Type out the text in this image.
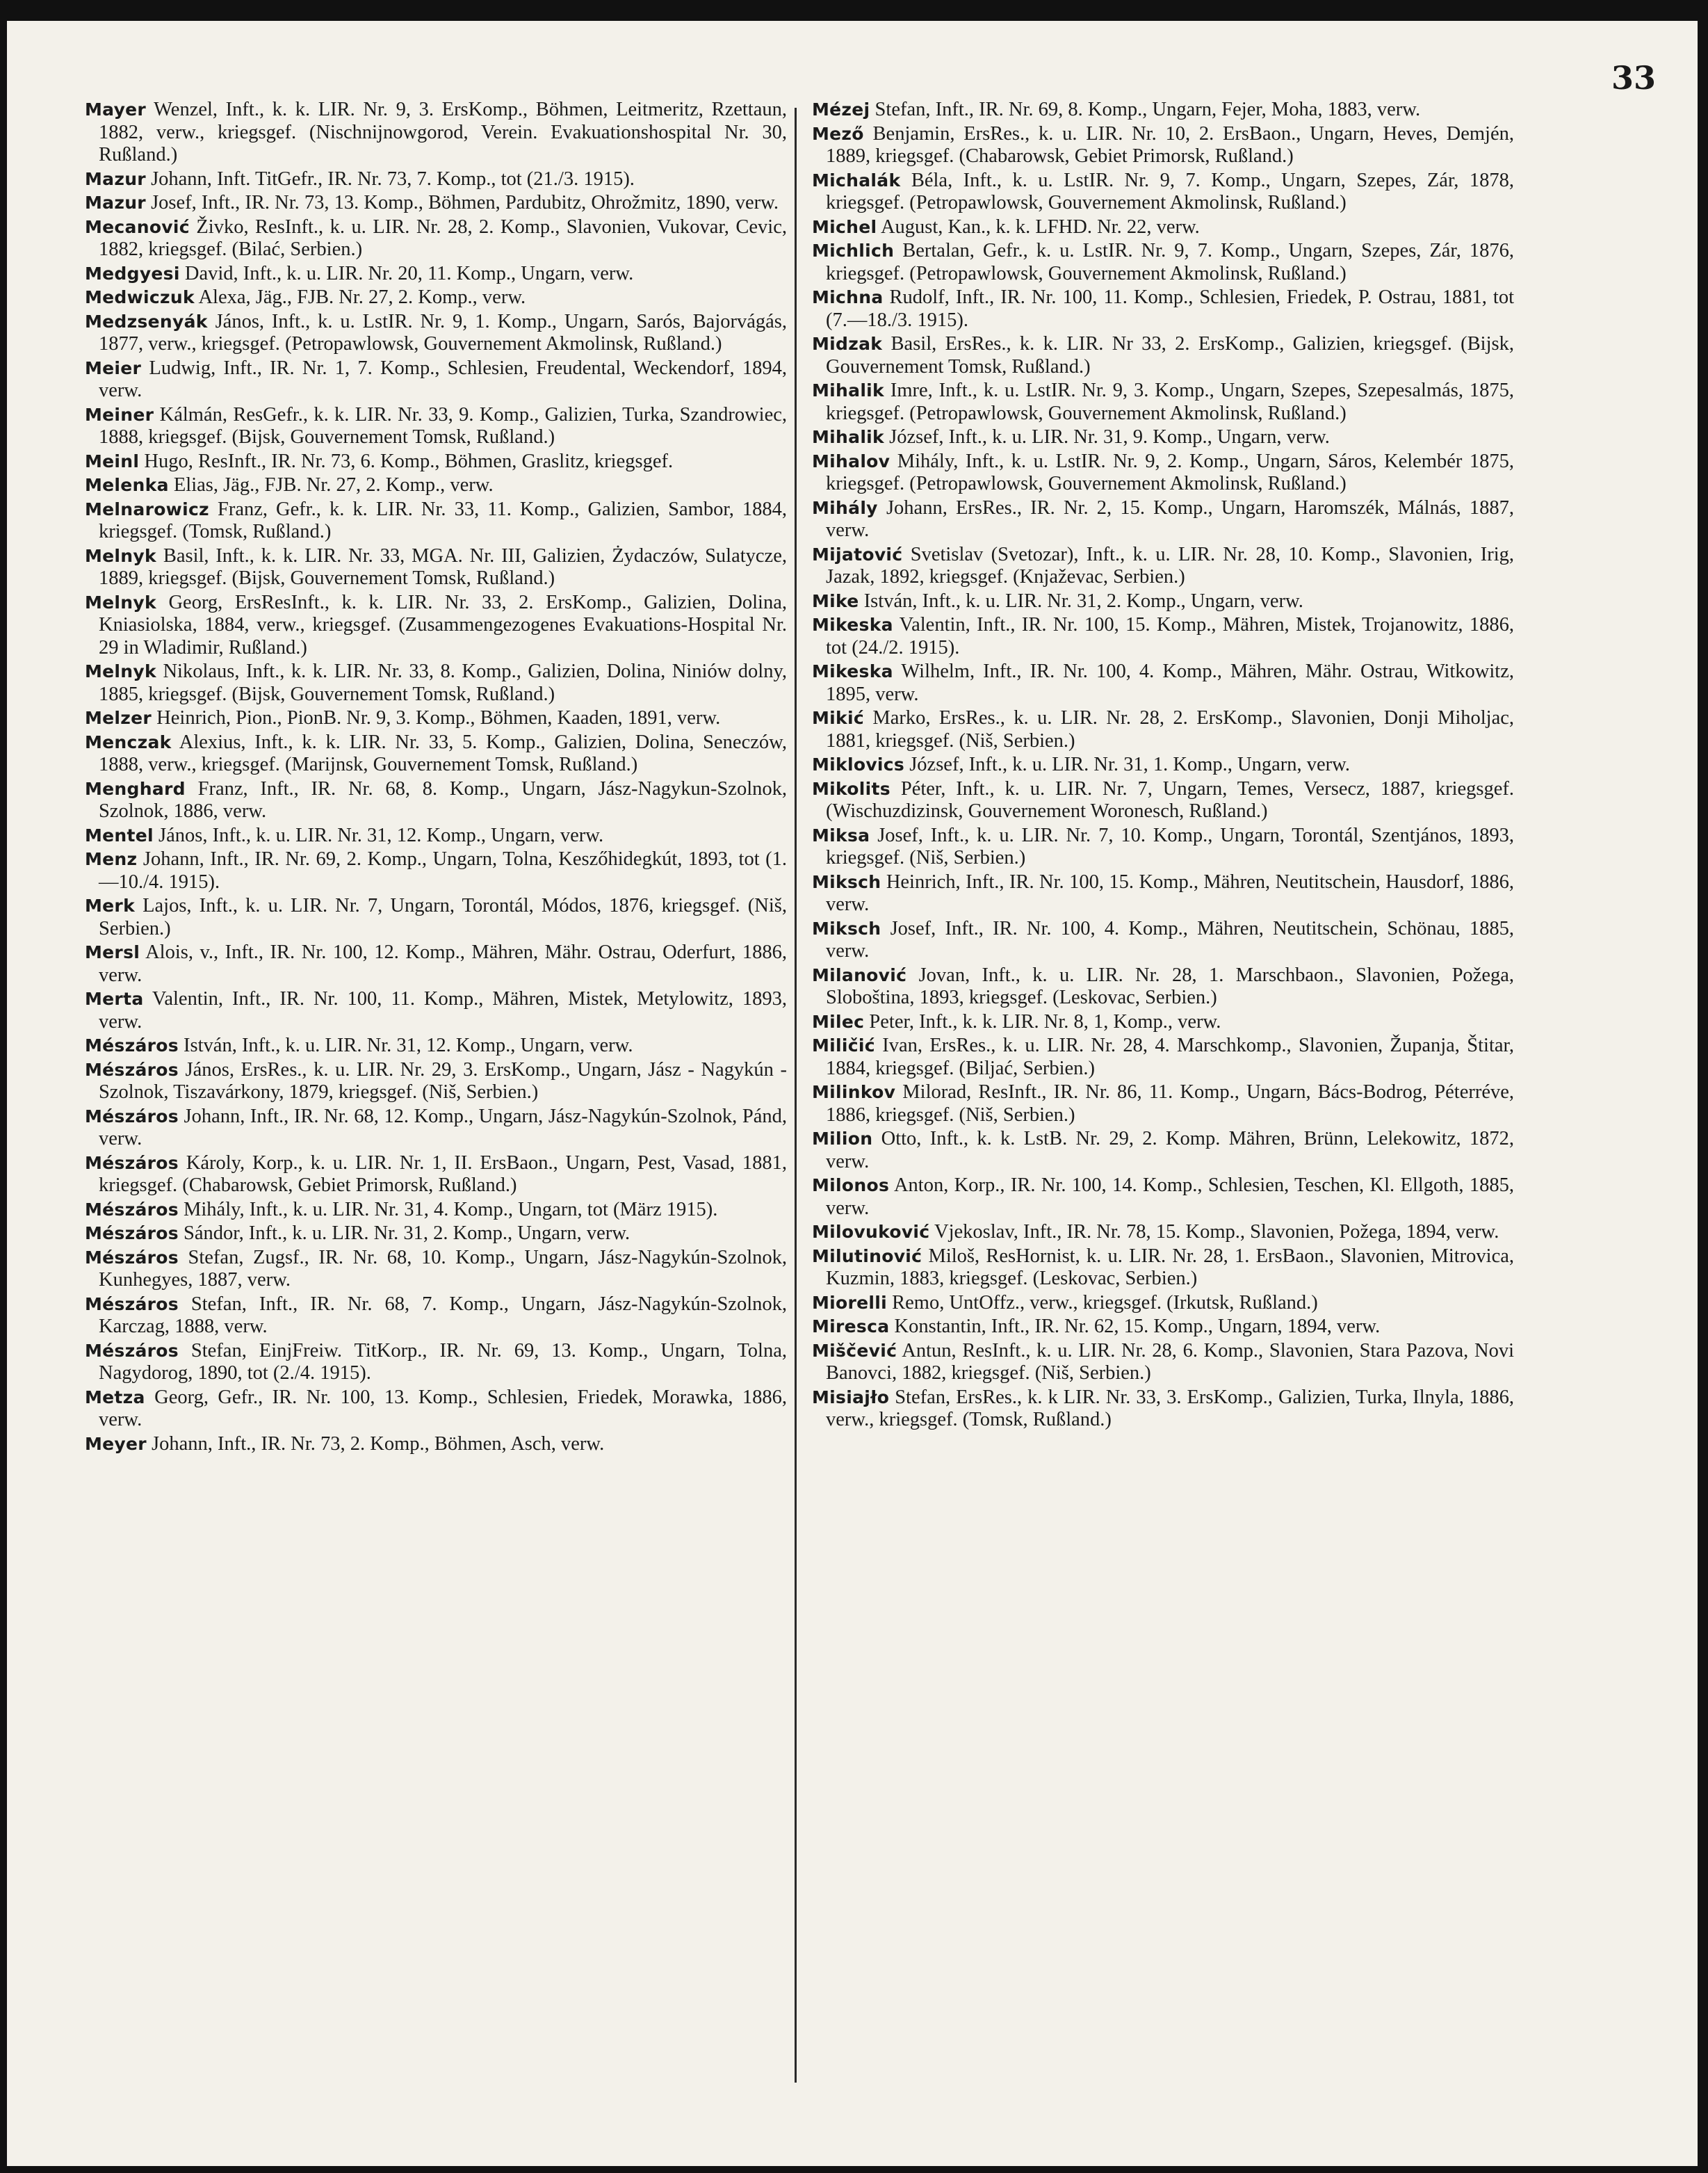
33

Mayer Wenzel, Inft., k. k. LIR. Nr. 9, 3. ErsKomp., Böhmen, Leitmeritz, Rzettaun, 1882, verw., kriegsgef. (Nischnijnowgorod, Verein. Evakuationshospital Nr. 30, Rußland.)

Mazur Johann, Inft. TitGefr., IR. Nr. 73, 7. Komp., tot (21./3. 1915).

Mazur Josef, Inft., IR. Nr. 73, 13. Komp., Böhmen, Pardubitz, Ohrožmitz, 1890, verw.

Mecanović Živko, ResInft., k. u. LIR. Nr. 28, 2. Komp., Slavonien, Vukovar, Cevic, 1882, kriegsgef. (Bilać, Serbien.)

Medgyesi David, Inft., k. u. LIR. Nr. 20, 11. Komp., Ungarn, verw.

Medwiczuk Alexa, Jäg., FJB. Nr. 27, 2. Komp., verw.

Medzsenyák János, Inft., k. u. LstIR. Nr. 9, 1. Komp., Ungarn, Sarós, Bajorvágás, 1877, verw., kriegsgef. (Petropawlowsk, Gouvernement Akmolinsk, Rußland.)

Meier Ludwig, Inft., IR. Nr. 1, 7. Komp., Schlesien, Freudental, Weckendorf, 1894, verw.

Meiner Kálmán, ResGefr., k. k. LIR. Nr. 33, 9. Komp., Galizien, Turka, Szandrowiec, 1888, kriegsgef. (Bijsk, Gouvernement Tomsk, Rußland.)

Meinl Hugo, ResInft., IR. Nr. 73, 6. Komp., Böhmen, Graslitz, kriegsgef.

Melenka Elias, Jäg., FJB. Nr. 27, 2. Komp., verw.

Melnarowicz Franz, Gefr., k. k. LIR. Nr. 33, 11. Komp., Galizien, Sambor, 1884, kriegsgef. (Tomsk, Rußland.)

Melnyk Basil, Inft., k. k. LIR. Nr. 33, MGA. Nr. III, Galizien, Żydaczów, Sulatycze, 1889, kriegsgef. (Bijsk, Gouvernement Tomsk, Rußland.)

Melnyk Georg, ErsResInft., k. k. LIR. Nr. 33, 2. ErsKomp., Galizien, Dolina, Kniasiolska, 1884, verw., kriegsgef. (Zusammengezogenes Evakuations-Hospital Nr. 29 in Wladimir, Rußland.)

Melnyk Nikolaus, Inft., k. k. LIR. Nr. 33, 8. Komp., Galizien, Dolina, Niniów dolny, 1885, kriegsgef. (Bijsk, Gouvernement Tomsk, Rußland.)

Melzer Heinrich, Pion., PionB. Nr. 9, 3. Komp., Böhmen, Kaaden, 1891, verw.

Menczak Alexius, Inft., k. k. LIR. Nr. 33, 5. Komp., Galizien, Dolina, Seneczów, 1888, verw., kriegsgef. (Marijnsk, Gouvernement Tomsk, Rußland.)

Menghard Franz, Inft., IR. Nr. 68, 8. Komp., Ungarn, Jász-Nagykun-Szolnok, Szolnok, 1886, verw.

Mentel János, Inft., k. u. LIR. Nr. 31, 12. Komp., Ungarn, verw.

Menz Johann, Inft., IR. Nr. 69, 2. Komp., Ungarn, Tolna, Keszőhidegkút, 1893, tot (1.—10./4. 1915).

Merk Lajos, Inft., k. u. LIR. Nr. 7, Ungarn, Torontál, Módos, 1876, kriegsgef. (Niš, Serbien.)

Mersl Alois, v., Inft., IR. Nr. 100, 12. Komp., Mähren, Mähr. Ostrau, Oderfurt, 1886, verw.

Merta Valentin, Inft., IR. Nr. 100, 11. Komp., Mähren, Mistek, Metylowitz, 1893, verw.

Mészáros István, Inft., k. u. LIR. Nr. 31, 12. Komp., Ungarn, verw.

Mészáros János, ErsRes., k. u. LIR. Nr. 29, 3. ErsKomp., Ungarn, Jász - Nagykún - Szolnok, Tiszavárkony, 1879, kriegsgef. (Niš, Serbien.)

Mészáros Johann, Inft., IR. Nr. 68, 12. Komp., Ungarn, Jász-Nagykún-Szolnok, Pánd, verw.

Mészáros Károly, Korp., k. u. LIR. Nr. 1, II. ErsBaon., Ungarn, Pest, Vasad, 1881, kriegsgef. (Chabarowsk, Gebiet Primorsk, Rußland.)

Mészáros Mihály, Inft., k. u. LIR. Nr. 31, 4. Komp., Ungarn, tot (März 1915).

Mészáros Sándor, Inft., k. u. LIR. Nr. 31, 2. Komp., Ungarn, verw.

Mészáros Stefan, Zugsf., IR. Nr. 68, 10. Komp., Ungarn, Jász-Nagykún-Szolnok, Kunhegyes, 1887, verw.

Mészáros Stefan, Inft., IR. Nr. 68, 7. Komp., Ungarn, Jász-Nagykún-Szolnok, Karczag, 1888, verw.

Mészáros Stefan, EinjFreiw. TitKorp., IR. Nr. 69, 13. Komp., Ungarn, Tolna, Nagydorog, 1890, tot (2./4. 1915).

Metza Georg, Gefr., IR. Nr. 100, 13. Komp., Schlesien, Friedek, Morawka, 1886, verw.

Meyer Johann, Inft., IR. Nr. 73, 2. Komp., Böhmen, Asch, verw.

Mézej Stefan, Inft., IR. Nr. 69, 8. Komp., Ungarn, Fejer, Moha, 1883, verw.

Mező Benjamin, ErsRes., k. u. LIR. Nr. 10, 2. ErsBaon., Ungarn, Heves, Demjén, 1889, kriegsgef. (Chabarowsk, Gebiet Primorsk, Rußland.)

Michalák Béla, Inft., k. u. LstIR. Nr. 9, 7. Komp., Ungarn, Szepes, Zár, 1878, kriegsgef. (Petropawlowsk, Gouvernement Akmolinsk, Rußland.)

Michel August, Kan., k. k. LFHD. Nr. 22, verw.

Michlich Bertalan, Gefr., k. u. LstIR. Nr. 9, 7. Komp., Ungarn, Szepes, Zár, 1876, kriegsgef. (Petropawlowsk, Gouvernement Akmolinsk, Rußland.)

Michna Rudolf, Inft., IR. Nr. 100, 11. Komp., Schlesien, Friedek, P. Ostrau, 1881, tot (7.—18./3. 1915).

Midzak Basil, ErsRes., k. k. LIR. Nr 33, 2. ErsKomp., Galizien, kriegsgef. (Bijsk, Gouvernement Tomsk, Rußland.)

Mihalik Imre, Inft., k. u. LstIR. Nr. 9, 3. Komp., Ungarn, Szepes, Szepesalmás, 1875, kriegsgef. (Petropawlowsk, Gouvernement Akmolinsk, Rußland.)

Mihalik József, Inft., k. u. LIR. Nr. 31, 9. Komp., Ungarn, verw.

Mihalov Mihály, Inft., k. u. LstIR. Nr. 9, 2. Komp., Ungarn, Sáros, Kelembér 1875, kriegsgef. (Petropawlowsk, Gouvernement Akmolinsk, Rußland.)

Mihály Johann, ErsRes., IR. Nr. 2, 15. Komp., Ungarn, Haromszék, Málnás, 1887, verw.

Mijatović Svetislav (Svetozar), Inft., k. u. LIR. Nr. 28, 10. Komp., Slavonien, Irig, Jazak, 1892, kriegsgef. (Knjaževac, Serbien.)

Mike István, Inft., k. u. LIR. Nr. 31, 2. Komp., Ungarn, verw.

Mikeska Valentin, Inft., IR. Nr. 100, 15. Komp., Mähren, Mistek, Trojanowitz, 1886, tot (24./2. 1915).

Mikeska Wilhelm, Inft., IR. Nr. 100, 4. Komp., Mähren, Mähr. Ostrau, Witkowitz, 1895, verw.

Mikić Marko, ErsRes., k. u. LIR. Nr. 28, 2. ErsKomp., Slavonien, Donji Miholjac, 1881, kriegsgef. (Niš, Serbien.)

Miklovics József, Inft., k. u. LIR. Nr. 31, 1. Komp., Ungarn, verw.

Mikolits Péter, Inft., k. u. LIR. Nr. 7, Ungarn, Temes, Versecz, 1887, kriegsgef. (Wischuzdizinsk, Gouvernement Woronesch, Rußland.)

Miksa Josef, Inft., k. u. LIR. Nr. 7, 10. Komp., Ungarn, Torontál, Szentjános, 1893, kriegsgef. (Niš, Serbien.)

Miksch Heinrich, Inft., IR. Nr. 100, 15. Komp., Mähren, Neutitschein, Hausdorf, 1886, verw.

Miksch Josef, Inft., IR. Nr. 100, 4. Komp., Mähren, Neutitschein, Schönau, 1885, verw.

Milanović Jovan, Inft., k. u. LIR. Nr. 28, 1. Marschbaon., Slavonien, Požega, Sloboština, 1893, kriegsgef. (Leskovac, Serbien.)

Milec Peter, Inft., k. k. LIR. Nr. 8, 1, Komp., verw.

Miličić Ivan, ErsRes., k. u. LIR. Nr. 28, 4. Marschkomp., Slavonien, Županja, Štitar, 1884, kriegsgef. (Biljać, Serbien.)

Milinkov Milorad, ResInft., IR. Nr. 86, 11. Komp., Ungarn, Bács-Bodrog, Péterréve, 1886, kriegsgef. (Niš, Serbien.)

Milion Otto, Inft., k. k. LstB. Nr. 29, 2. Komp. Mähren, Brünn, Lelekowitz, 1872, verw.

Milonos Anton, Korp., IR. Nr. 100, 14. Komp., Schlesien, Teschen, Kl. Ellgoth, 1885, verw.

Milovuković Vjekoslav, Inft., IR. Nr. 78, 15. Komp., Slavonien, Požega, 1894, verw.

Milutinović Miloš, ResHornist, k. u. LIR. Nr. 28, 1. ErsBaon., Slavonien, Mitrovica, Kuzmin, 1883, kriegsgef. (Leskovac, Serbien.)

Miorelli Remo, UntOffz., verw., kriegsgef. (Irkutsk, Rußland.)

Miresca Konstantin, Inft., IR. Nr. 62, 15. Komp., Ungarn, 1894, verw.

Miščević Antun, ResInft., k. u. LIR. Nr. 28, 6. Komp., Slavonien, Stara Pazova, Novi Banovci, 1882, kriegsgef. (Niš, Serbien.)

Misiajło Stefan, ErsRes., k. k LIR. Nr. 33, 3. ErsKomp., Galizien, Turka, Ilnyla, 1886, verw., kriegsgef. (Tomsk, Rußland.)
